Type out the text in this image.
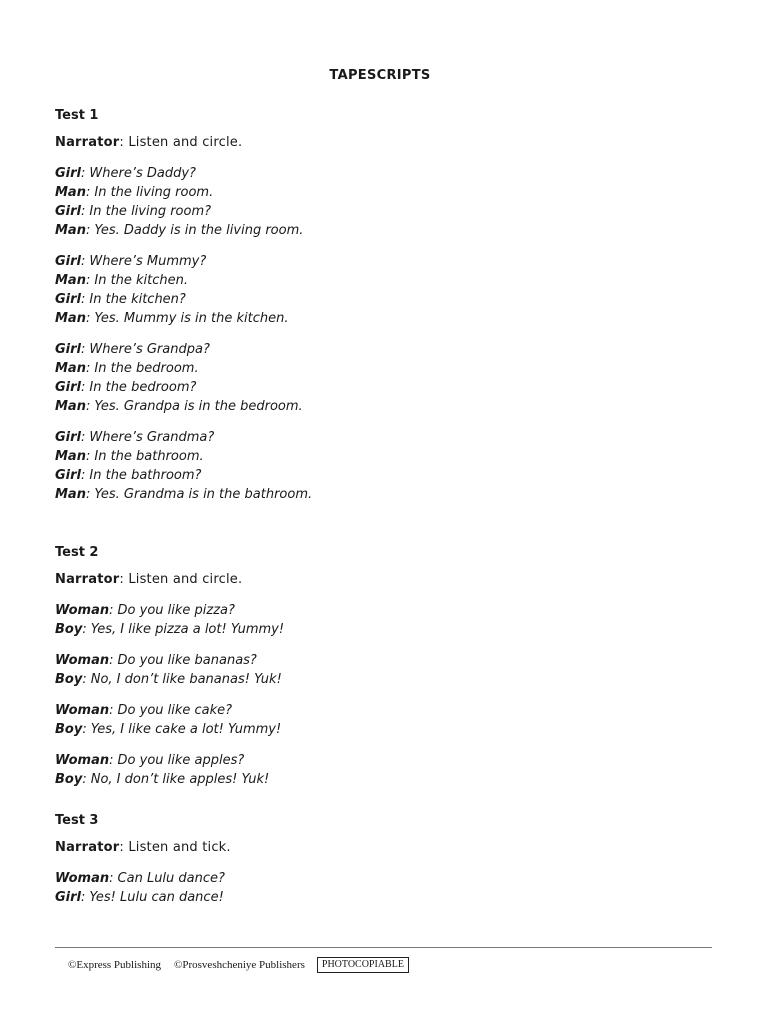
TAPESCRIPTS
Test 1
Narrator: Listen and circle.
Girl: Where’s Daddy?
Man: In the living room.
Girl: In the living room?
Man: Yes. Daddy is in the living room.
Girl: Where’s Mummy?
Man: In the kitchen.
Girl: In the kitchen?
Man: Yes. Mummy is in the kitchen.
Girl: Where’s Grandpa?
Man: In the bedroom.
Girl: In the bedroom?
Man: Yes. Grandpa is in the bedroom.
Girl: Where’s Grandma?
Man: In the bathroom.
Girl: In the bathroom?
Man: Yes. Grandma is in the bathroom.
Test 2
Narrator: Listen and circle.
Woman: Do you like pizza?
Boy: Yes, I like pizza a lot! Yummy!
Woman: Do you like bananas?
Boy: No, I don’t like bananas! Yuk!
Woman: Do you like cake?
Boy: Yes, I like cake a lot! Yummy!
Woman: Do you like apples?
Boy: No, I don’t like apples! Yuk!
Test 3
Narrator: Listen and tick.
Woman: Can Lulu dance?
Girl: Yes! Lulu can dance!
©Express Publishing ©Prosveshcheniye Publishers	PHOTOCOPIABLE
